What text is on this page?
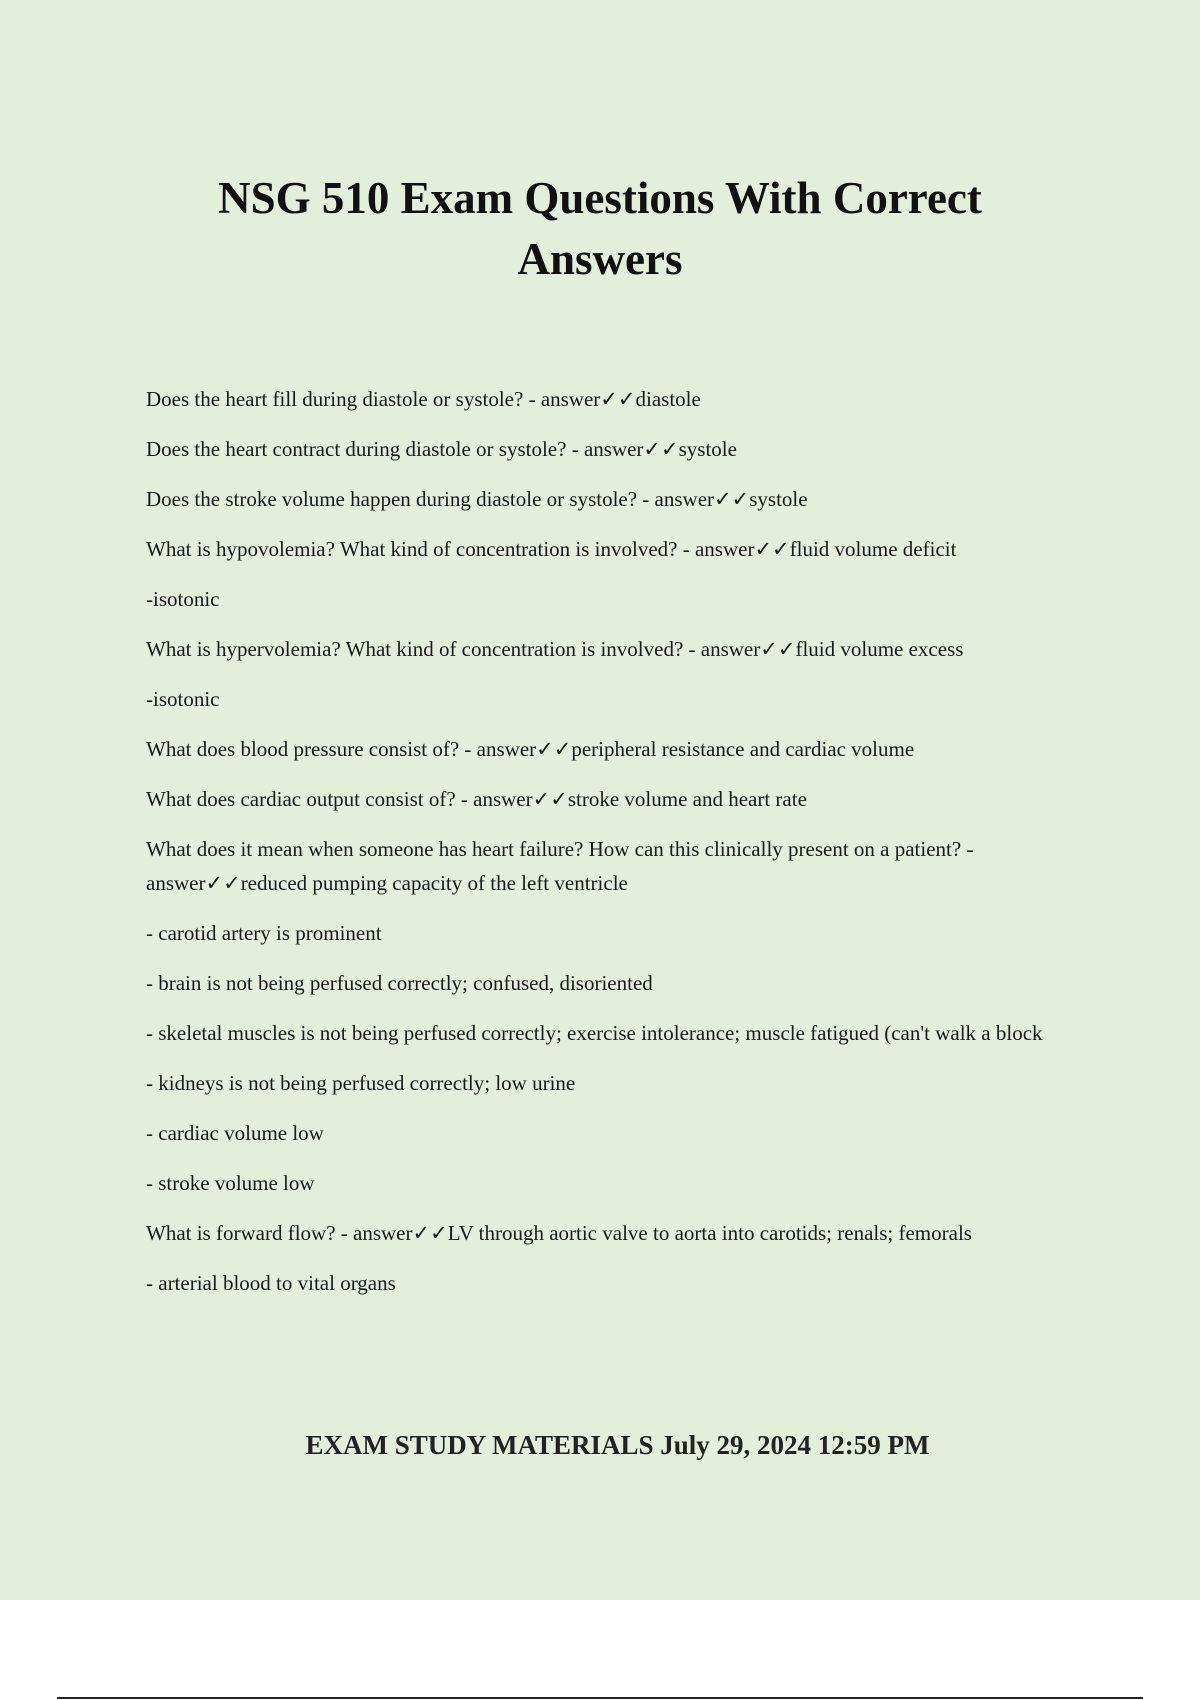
NSG 510 Exam Questions With Correct
Answers

Does the heart fill during diastole or systole? - answer✓✓diastole

Does the heart contract during diastole or systole? - answer✓✓systole

Does the stroke volume happen during diastole or systole? - answer✓✓systole

What is hypovolemia? What kind of concentration is involved? - answer✓✓fluid volume deficit

-isotonic

What is hypervolemia? What kind of concentration is involved? - answer✓✓fluid volume excess

-isotonic

What does blood pressure consist of? - answer✓✓peripheral resistance and cardiac volume

What does cardiac output consist of? - answer✓✓stroke volume and heart rate

What does it mean when someone has heart failure? How can this clinically present on a patient? - answer✓✓reduced pumping capacity of the left ventricle

- carotid artery is prominent

- brain is not being perfused correctly; confused, disoriented

- skeletal muscles is not being perfused correctly; exercise intolerance; muscle fatigued (can't walk a block

- kidneys is not being perfused correctly; low urine

- cardiac volume low

- stroke volume low

What is forward flow? - answer✓✓LV through aortic valve to aorta into carotids; renals; femorals

- arterial blood to vital organs

EXAM STUDY MATERIALS July 29, 2024 12:59 PM
